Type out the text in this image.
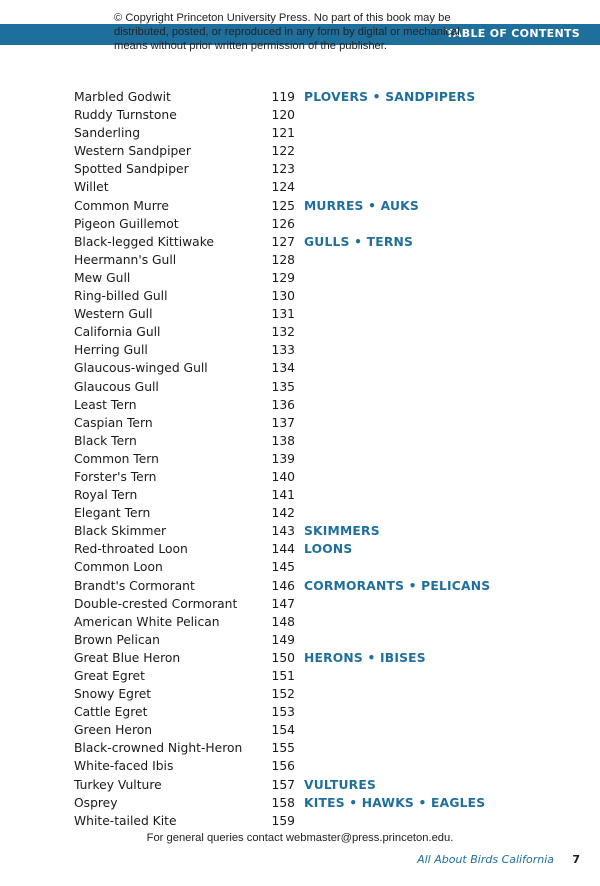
TABLE OF CONTENTS

© Copyright Princeton University Press. No part of this book may be
distributed, posted, or reproduced in any form by digital or mechanical
means without prior written permission of the publisher.

Marbled Godwit	119 PLOVERS • SANDPIPERS
Ruddy Turnstone	120
Sanderling	121
Western Sandpiper	122
Spotted Sandpiper	123
Willet	124
Common Murre	125 MURRES • AUKS
Pigeon Guillemot	126
Black-legged Kittiwake	127 GULLS • TERNS
Heermann's Gull	128
Mew Gull	129
Ring-billed Gull	130
Western Gull	131
California Gull	132
Herring Gull	133
Glaucous-winged Gull	134
Glaucous Gull	135
Least Tern	136
Caspian Tern	137
Black Tern	138
Common Tern	139
Forster's Tern	140
Royal Tern	141
Elegant Tern	142
Black Skimmer	143 SKIMMERS
Red-throated Loon	144 LOONS
Common Loon	145
Brandt's Cormorant	146 CORMORANTS • PELICANS
Double-crested Cormorant	147
American White Pelican	148
Brown Pelican	149
Great Blue Heron	150 HERONS • IBISES
Great Egret	151
Snowy Egret	152
Cattle Egret	153
Green Heron	154
Black-crowned Night-Heron 155
White-faced Ibis	156
Turkey Vulture	157 VULTURES
Osprey	158 KITES • HAWKS • EAGLES
White-tailed Kite	159
For general queries contact webmaster@press.princeton.edu.
All About Birds California 7
